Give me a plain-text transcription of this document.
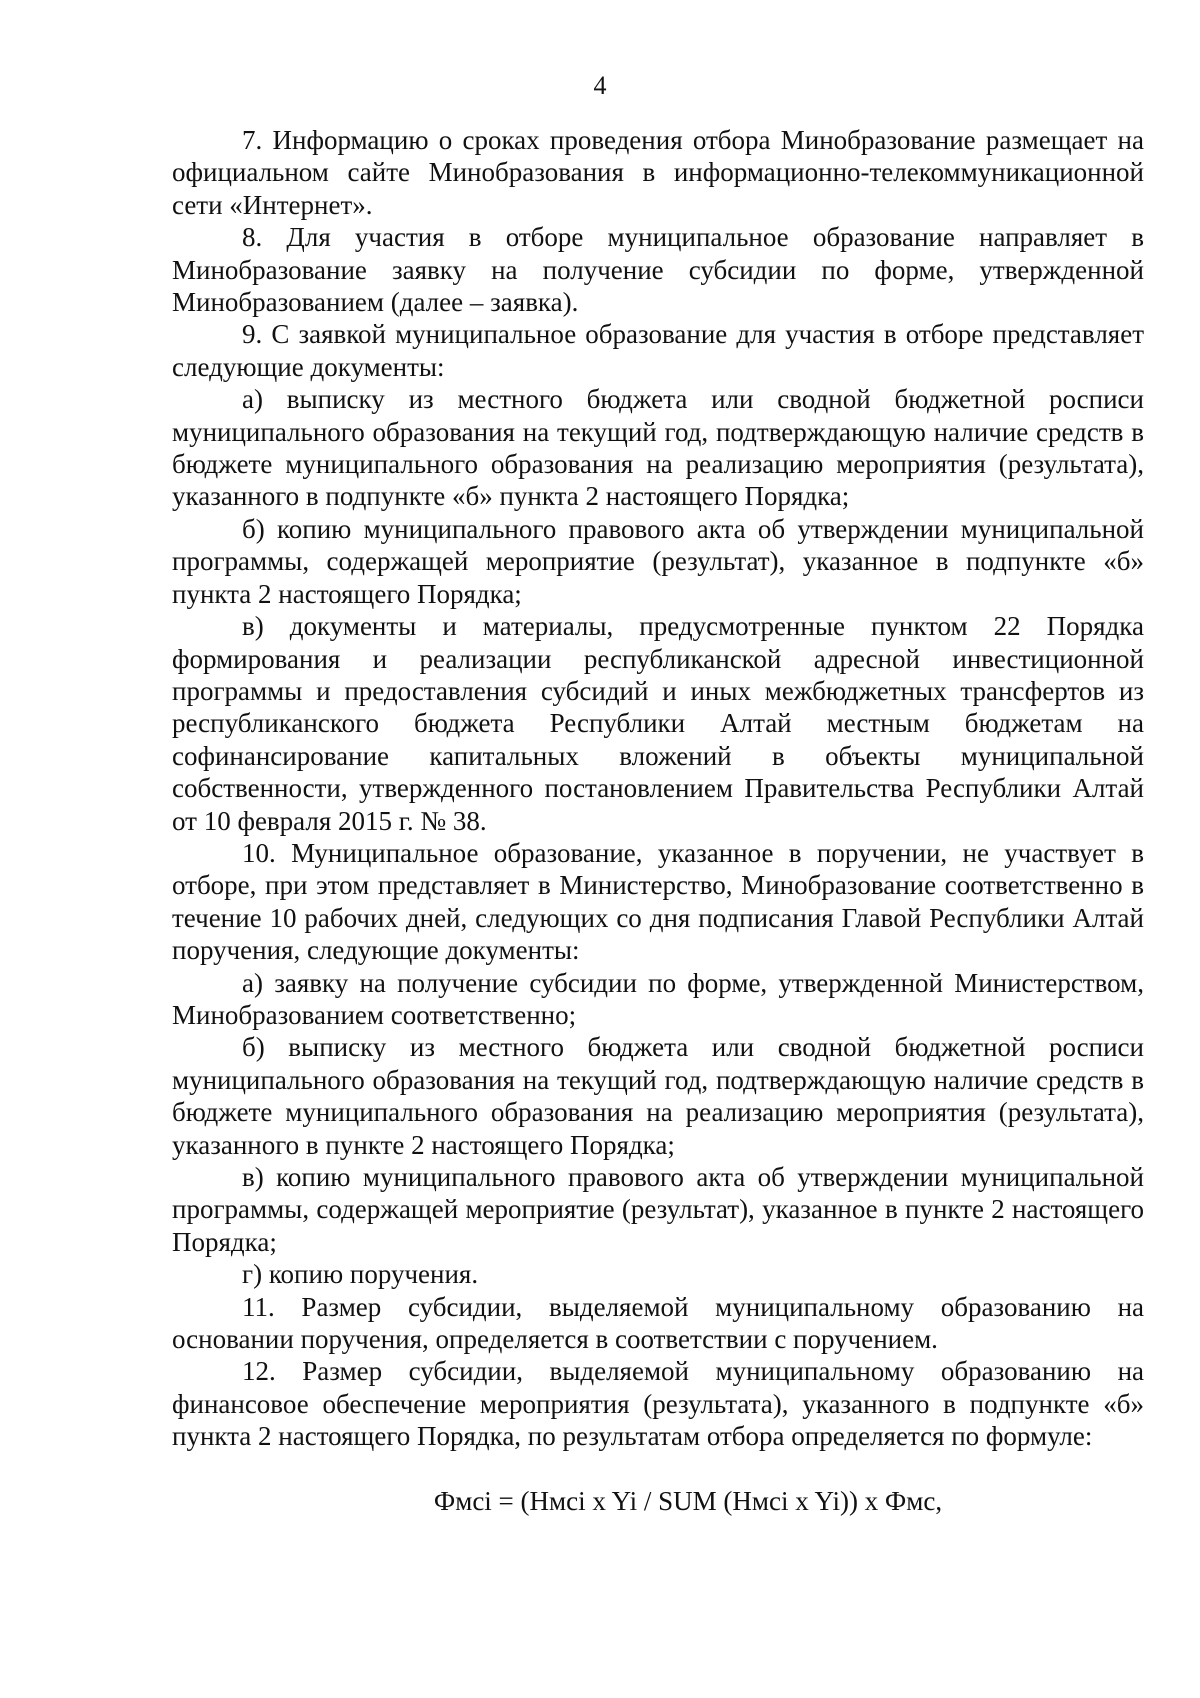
4

7. Информацию о сроках проведения отбора Минобразование размещает на официальном сайте Минобразования в информационно-телекоммуникационной сети «Интернет».

8. Для участия в отборе муниципальное образование направляет в Минобразование заявку на получение субсидии по форме, утвержденной Минобразованием (далее – заявка).

9. С заявкой муниципальное образование для участия в отборе представляет следующие документы:

а) выписку из местного бюджета или сводной бюджетной росписи муниципального образования на текущий год, подтверждающую наличие средств в бюджете муниципального образования на реализацию мероприятия (результата), указанного в подпункте «б» пункта 2 настоящего Порядка;

б) копию муниципального правового акта об утверждении муниципальной программы, содержащей мероприятие (результат), указанное в подпункте «б» пункта 2 настоящего Порядка;

в) документы и материалы, предусмотренные пунктом 22 Порядка формирования и реализации республиканской адресной инвестиционной программы и предоставления субсидий и иных межбюджетных трансфертов из республиканского бюджета Республики Алтай местным бюджетам на софинансирование капитальных вложений в объекты муниципальной собственности, утвержденного постановлением Правительства Республики Алтай от 10 февраля 2015 г. № 38.

10. Муниципальное образование, указанное в поручении, не участвует в отборе, при этом представляет в Министерство, Минобразование соответственно в течение 10 рабочих дней, следующих со дня подписания Главой Республики Алтай поручения, следующие документы:

а) заявку на получение субсидии по форме, утвержденной Министерством, Минобразованием соответственно;

б) выписку из местного бюджета или сводной бюджетной росписи муниципального образования на текущий год, подтверждающую наличие средств в бюджете муниципального образования на реализацию мероприятия (результата), указанного в пункте 2 настоящего Порядка;

в) копию муниципального правового акта об утверждении муниципальной программы, содержащей мероприятие (результат), указанное в пункте 2 настоящего Порядка;

г) копию поручения.

11. Размер субсидии, выделяемой муниципальному образованию на основании поручения, определяется в соответствии с поручением.

12. Размер субсидии, выделяемой муниципальному образованию на финансовое обеспечение мероприятия (результата), указанного в подпункте «б» пункта 2 настоящего Порядка, по результатам отбора определяется по формуле:

Фмсi = (Нмсi x Yi / SUM (Нмсi x Yi)) x Фмс,
